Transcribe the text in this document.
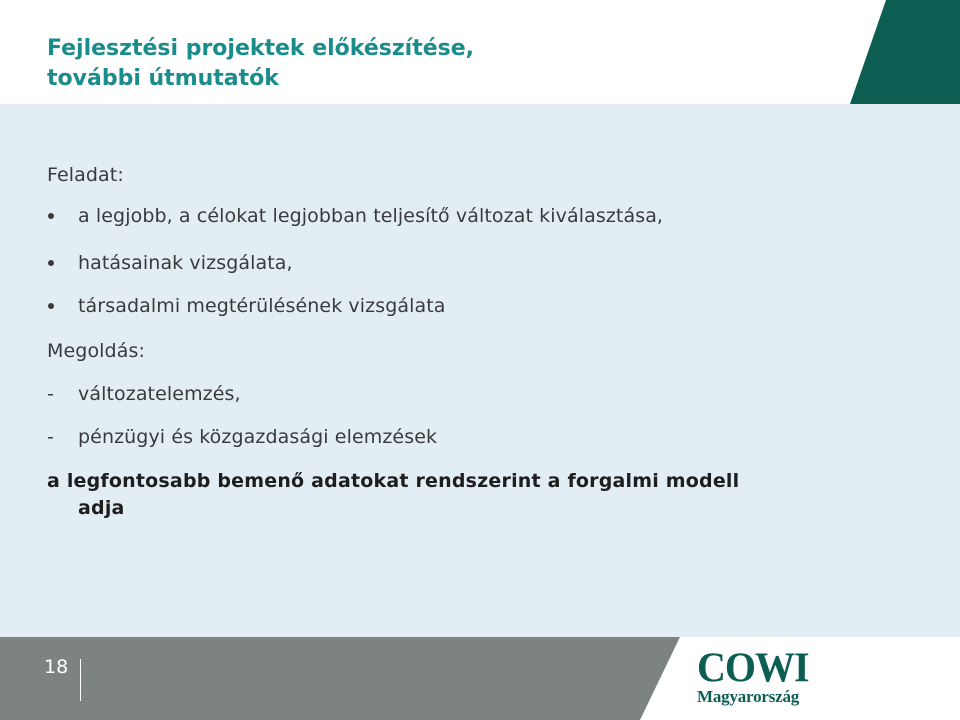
Fejlesztési projektek előkészítése,
további útmutatók
Feladat:
a legjobb, a célokat legjobban teljesítő változat kiválasztása,
hatásainak vizsgálata,
társadalmi megtérülésének vizsgálata
Megoldás:
- változatelemzés,
- pénzügyi és közgazdasági elemzések
a legfontosabb bemenő adatokat rendszerint a forgalmi modell
adja
18	COWI
Magyarország
